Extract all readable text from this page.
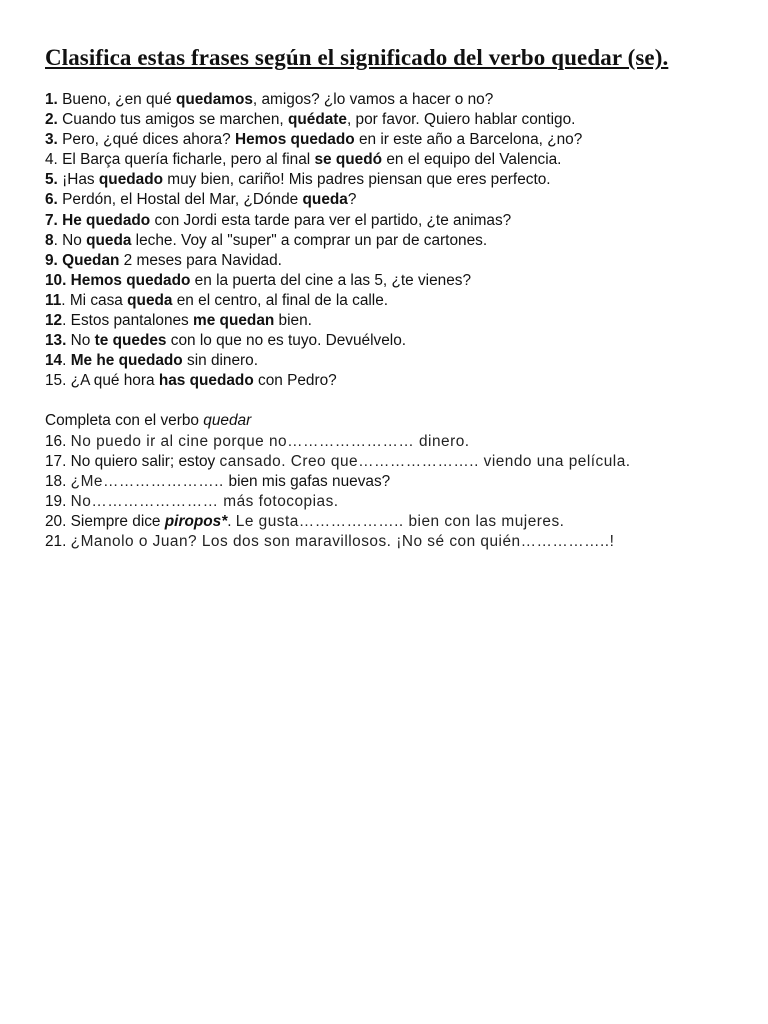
Clasifica estas frases según el significado del verbo quedar (se).
1. Bueno, ¿en qué quedamos, amigos? ¿lo vamos a hacer o no?
2. Cuando tus amigos se marchen, quédate, por favor. Quiero hablar contigo.
3. Pero, ¿qué dices ahora? Hemos quedado en ir este año a Barcelona, ¿no?
4. El Barça quería ficharle, pero al final se quedó en el equipo del Valencia.
5. ¡Has quedado muy bien, cariño! Mis padres piensan que eres perfecto.
6. Perdón, el Hostal del Mar, ¿Dónde queda?
7. He quedado con Jordi esta tarde para ver el partido, ¿te animas?
8. No queda leche. Voy al "super" a comprar un par de cartones.
9. Quedan 2 meses para Navidad.
10. Hemos quedado en la puerta del cine a las 5, ¿te vienes?
11. Mi casa queda en el centro, al final de la calle.
12. Estos pantalones me quedan bien.
13. No te quedes con lo que no es tuyo. Devuélvelo.
14. Me he quedado sin dinero.
15. ¿A qué hora has quedado con Pedro?
Completa con el verbo quedar
16. No puedo ir al cine porque no…………………… dinero.
17. No quiero salir; estoy cansado. Creo que………………….. viendo una película.
18. ¿Me………………….. bien mis gafas nuevas?
19. No…………………… más fotocopias.
20. Siempre dice piropos*. Le gusta……………….. bien con las mujeres.
21. ¿Manolo o Juan? Los dos son maravillosos. ¡No sé con quién……………..!
